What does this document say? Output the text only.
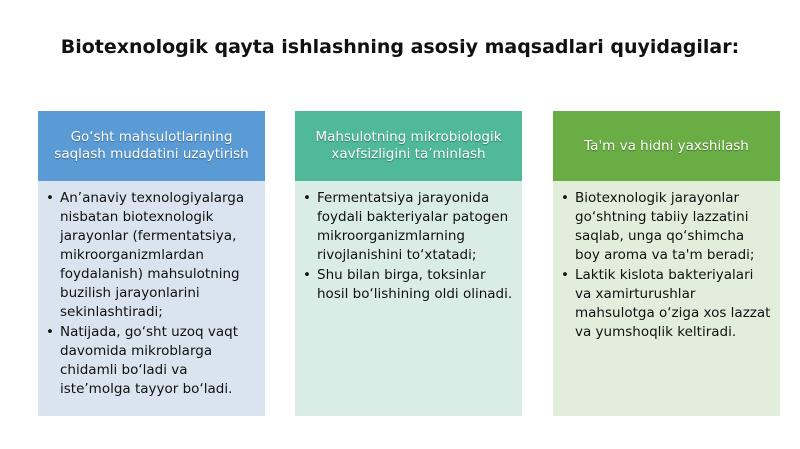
Biotexnologik qayta ishlashning asosiy maqsadlari quyidagilar:
Go‘sht mahsulotlarining saqlash muddatini uzaytirish
• An’anaviy texnologiyalarga nisbatan biotexnologik jarayonlar (fermentatsiya, mikroorganizmlardan foydalanish) mahsulotning buzilish jarayonlarini sekinlashtiradi;
• Natijada, go‘sht uzoq vaqt davomida mikroblarga chidamli bo‘ladi va iste’molga tayyor bo‘ladi.
Mahsulotning mikrobiologik xavfsizligini ta’minlash
• Fermentatsiya jarayonida foydali bakteriyalar patogen mikroorganizmlarning rivojlanishini to‘xtatadi;
• Shu bilan birga, toksinlar hosil bo‘lishining oldi olinadi.
Ta'm va hidni yaxshilash
• Biotexnologik jarayonlar go‘shtning tabiiy lazzatini saqlab, unga qo‘shimcha boy aroma va ta'm beradi;
• Laktik kislota bakteriyalari va xamirturushlar mahsulotga o‘ziga xos lazzat va yumshoqlik keltiradi.
